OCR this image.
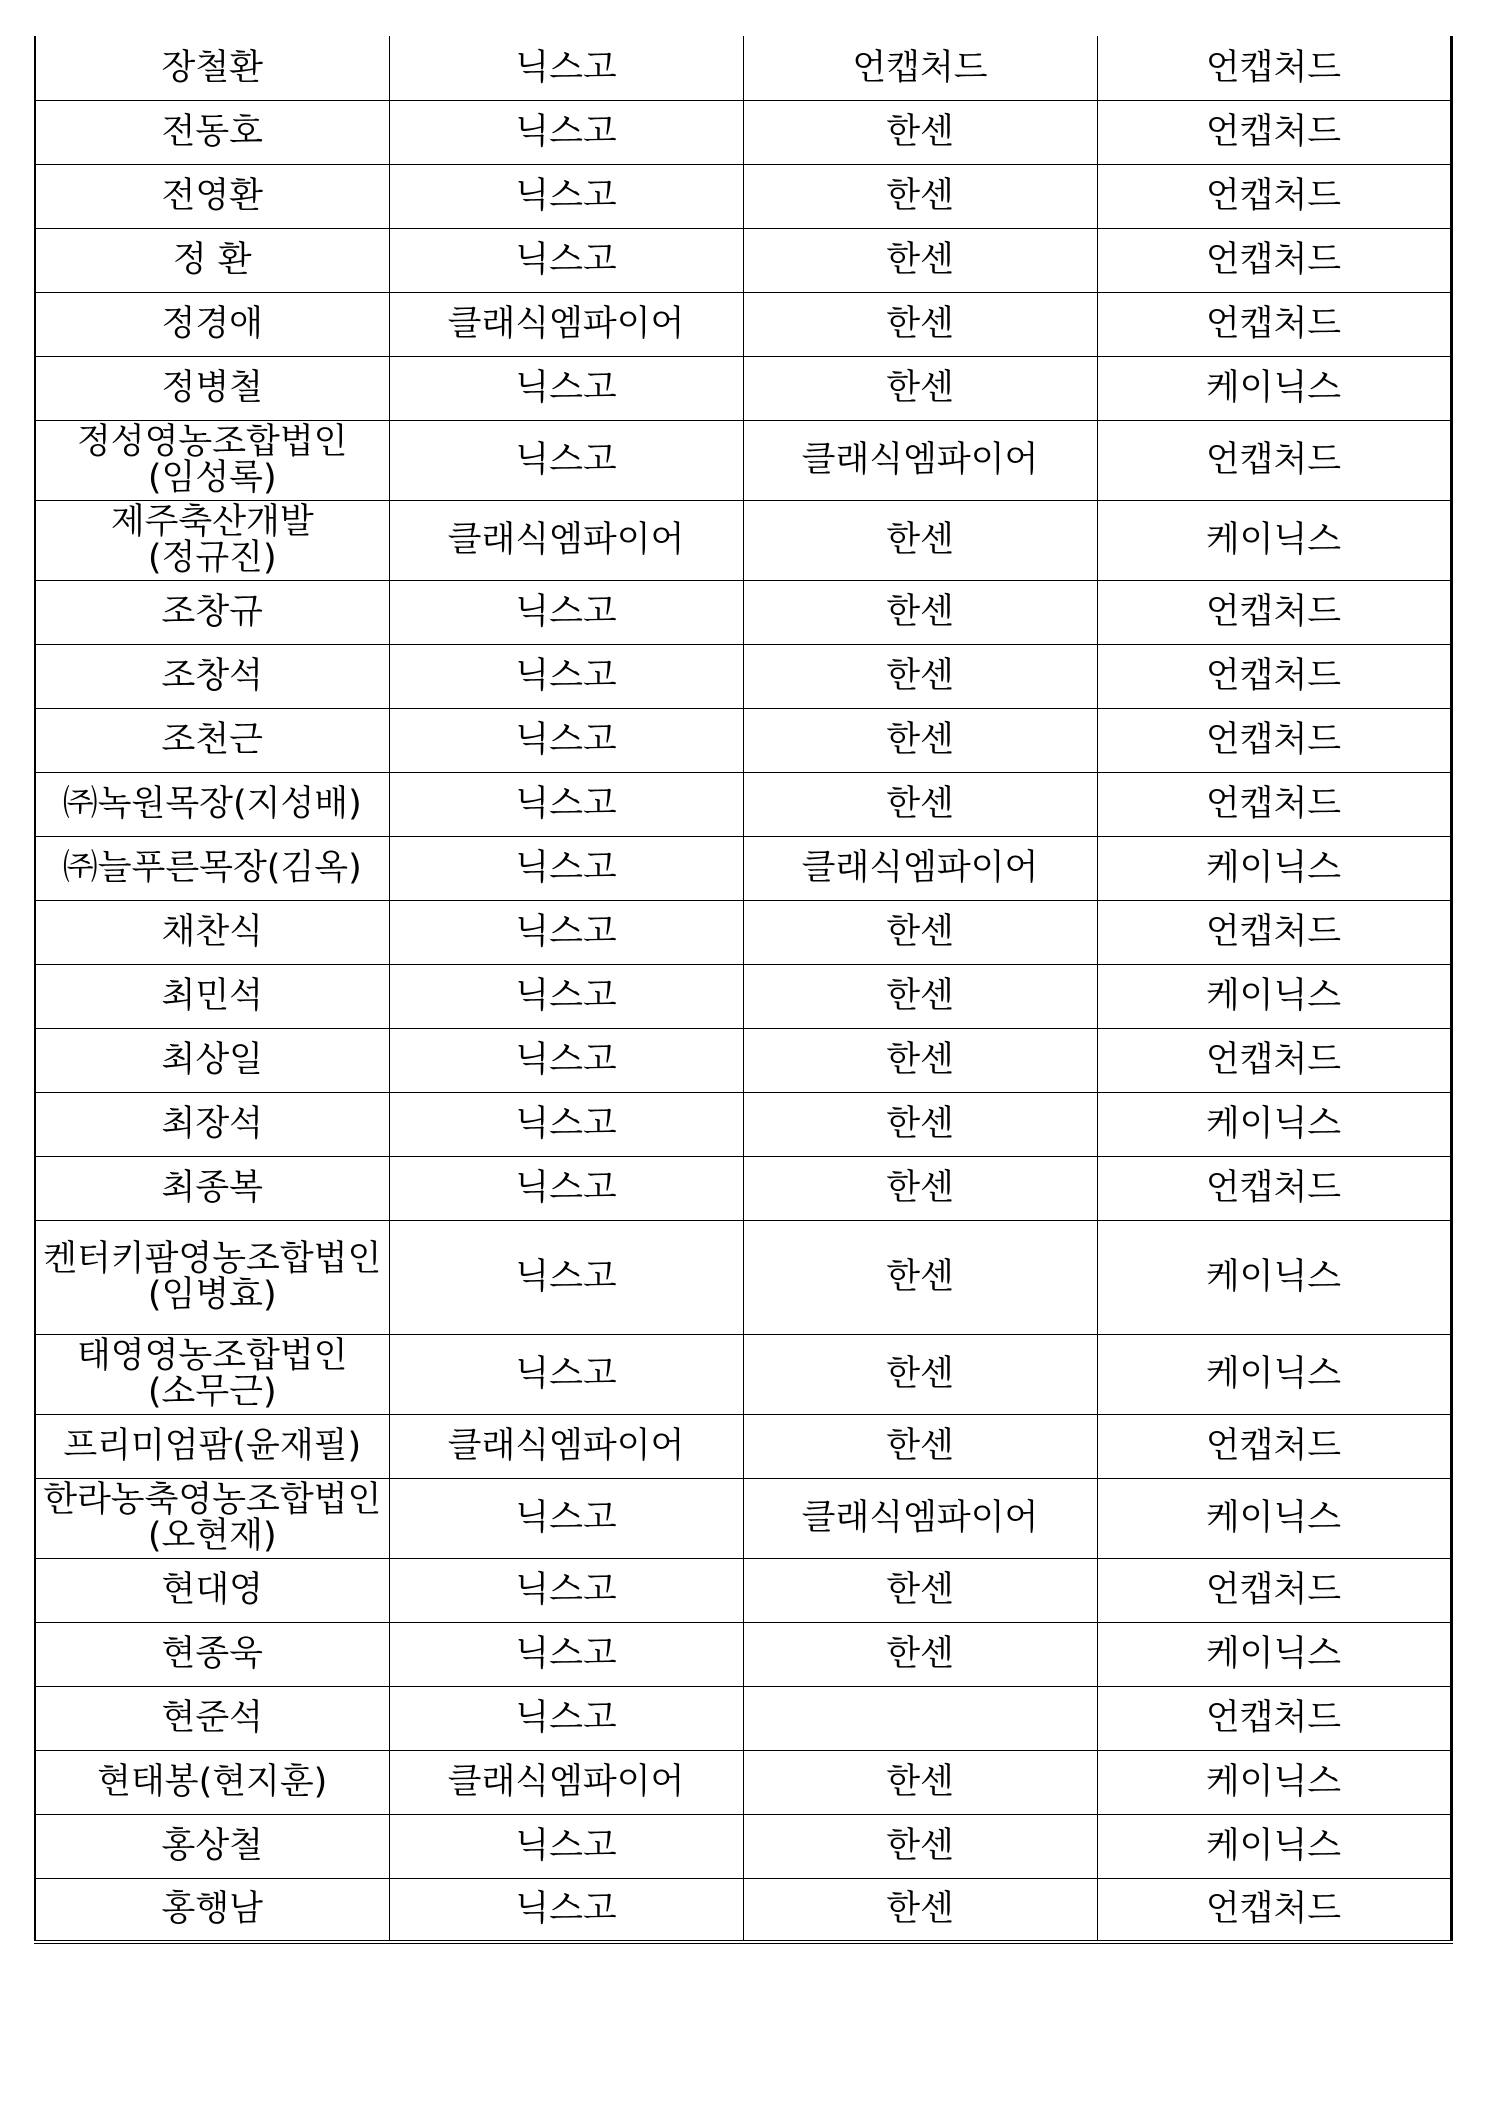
장철환	닉스고	언캡처드	언캡처드
전동호	닉스고	한센	언캡처드
전영환	닉스고	한센	언캡처드
정 환	닉스고	한센	언캡처드
정경애	클래식엠파이어	한센	언캡처드
정병철	닉스고	한센	케이닉스

정성영농조합법인
(임성록)	닉스고	클래식엠파이어	언캡처드

제주축산개발
(정규진)	클래식엠파이어	한센	케이닉스
조창규	닉스고	한센	언캡처드
조창석	닉스고	한센	언캡처드
조천근	닉스고	한센	언캡처드
㈜녹원목장(지성배)	닉스고	한센	언캡처드
㈜늘푸른목장(김옥)	닉스고	클래식엠파이어	케이닉스
채찬식	닉스고	한센	언캡처드
최민석	닉스고	한센	케이닉스
최상일	닉스고	한센	언캡처드
최장석	닉스고	한센	케이닉스
최종복	닉스고	한센	언캡처드

켄터키팜영농조합법인
(임병효)	닉스고	한센	케이닉스

태영영농조합법인
(소무근)	닉스고	한센	케이닉스
프리미엄팜(윤재필)	클래식엠파이어	한센	언캡처드

한라농축영농조합법인
(오현재)	닉스고	클래식엠파이어	케이닉스
현대영	닉스고	한센	언캡처드
현종욱	닉스고	한센	케이닉스
현준석	닉스고		언캡처드
현태봉(현지훈)	클래식엠파이어	한센	케이닉스
홍상철	닉스고	한센	케이닉스
홍행남	닉스고	한센	언캡처드
